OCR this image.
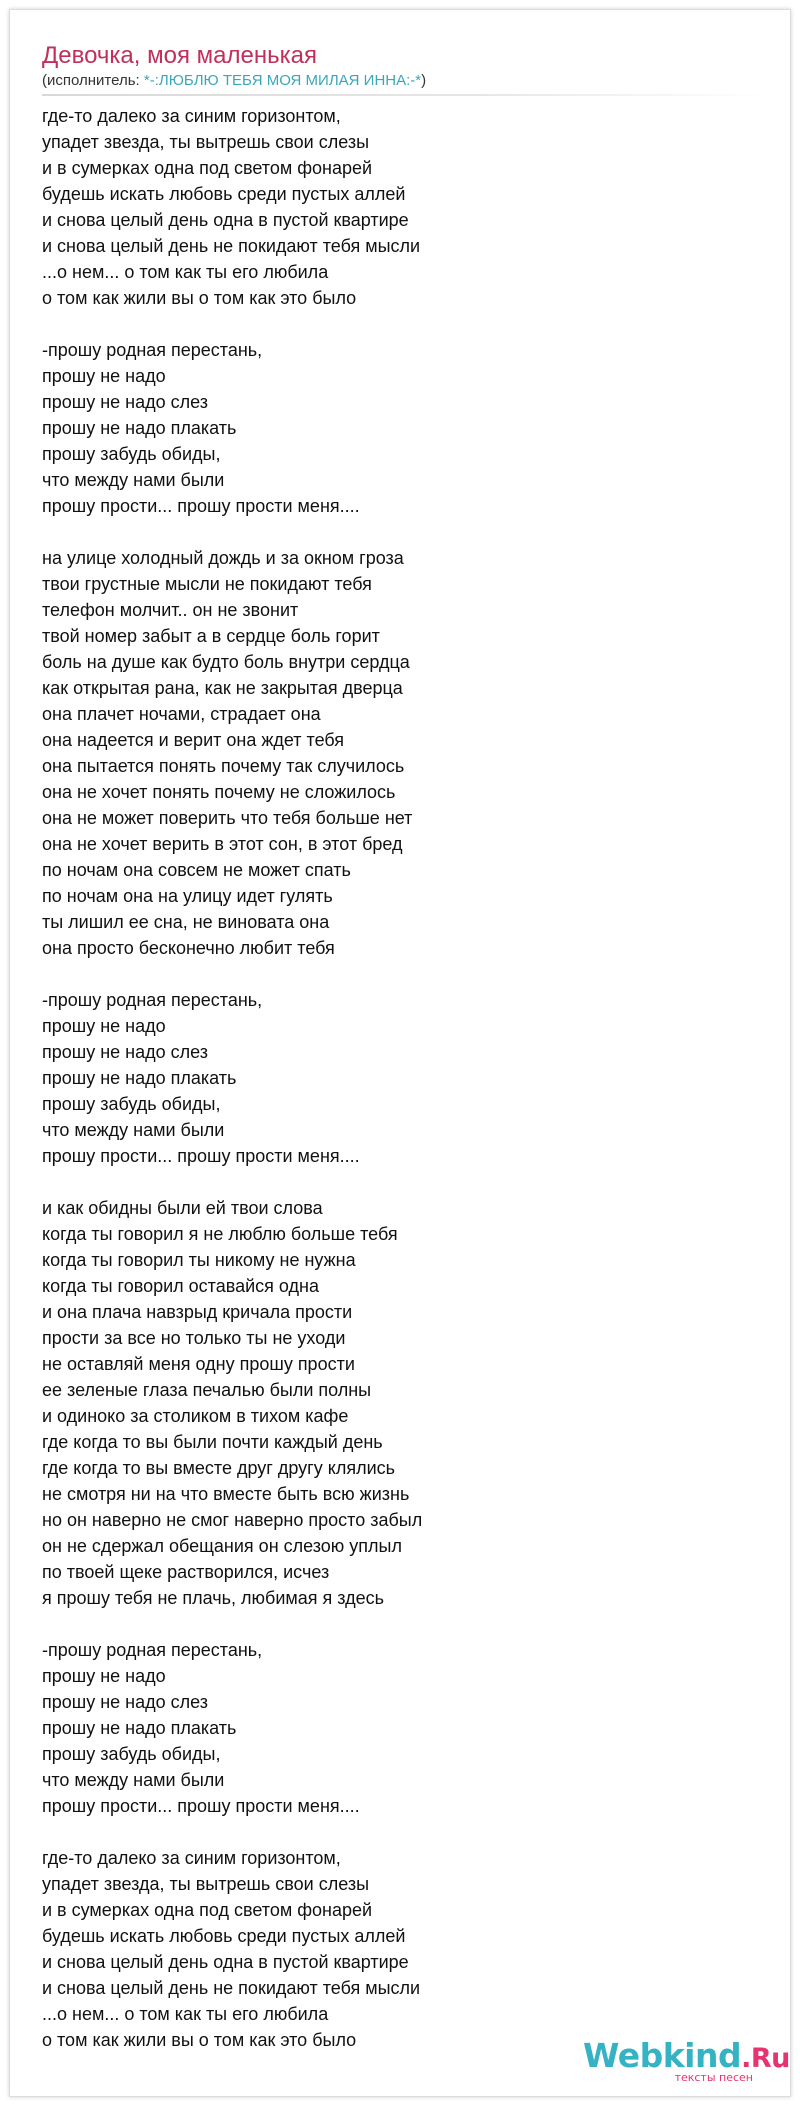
Девочка, моя маленькая
(исполнитель: *-:ЛЮБЛЮ ТЕБЯ МОЯ МИЛАЯ ИННА:-*)
где-то далеко за синим горизонтом,
упадет звезда, ты вытрешь свои слезы
и в сумерках одна под светом фонарей
будешь искать любовь среди пустых аллей
и снова целый день одна в пустой квартире
и снова целый день не покидают тебя мысли
...о нем... о том как ты его любила
о том как жили вы о том как это было
-прошу родная перестань,
прошу не надо
прошу не надо слез
прошу не надо плакать
прошу забудь обиды,
что между нами были
прошу прости... прошу прости меня....
на улице холодный дождь и за окном гроза
твои грустные мысли не покидают тебя
телефон молчит.. он не звонит
твой номер забыт а в сердце боль горит
боль на душе как будто боль внутри сердца
как открытая рана, как не закрытая дверца
она плачет ночами, страдает она
она надеется и верит она ждет тебя
она пытается понять почему так случилось
она не хочет понять почему не сложилось
она не может поверить что тебя больше нет
она не хочет верить в этот сон, в этот бред
по ночам она совсем не может спать
по ночам она на улицу идет гулять
ты лишил ее сна, не виновата она
она просто бесконечно любит тебя
-прошу родная перестань,
прошу не надо
прошу не надо слез
прошу не надо плакать
прошу забудь обиды,
что между нами были
прошу прости... прошу прости меня....
и как обидны были ей твои слова
когда ты говорил я не люблю больше тебя
когда ты говорил ты никому не нужна
когда ты говорил оставайся одна
и она плача навзрыд кричала прости
прости за все но только ты не уходи
не оставляй меня одну прошу прости
ее зеленые глаза печалью были полны
и одиноко за столиком в тихом кафе
где когда то вы были почти каждый день
где когда то вы вместе друг другу клялись
не смотря ни на что вместе быть всю жизнь
но он наверно не смог наверно просто забыл
он не сдержал обещания он слезою уплыл
по твоей щеке растворился, исчез
я прошу тебя не плачь, любимая я здесь
-прошу родная перестань,
прошу не надо
прошу не надо слез
прошу не надо плакать
прошу забудь обиды,
что между нами были
прошу прости... прошу прости меня....
где-то далеко за синим горизонтом,
упадет звезда, ты вытрешь свои слезы
и в сумерках одна под светом фонарей
будешь искать любовь среди пустых аллей
и снова целый день одна в пустой квартире
и снова целый день не покидают тебя мысли
...о нем... о том как ты его любила
о том как жили вы о том как это было	Webkind.Ru
тексты песен
